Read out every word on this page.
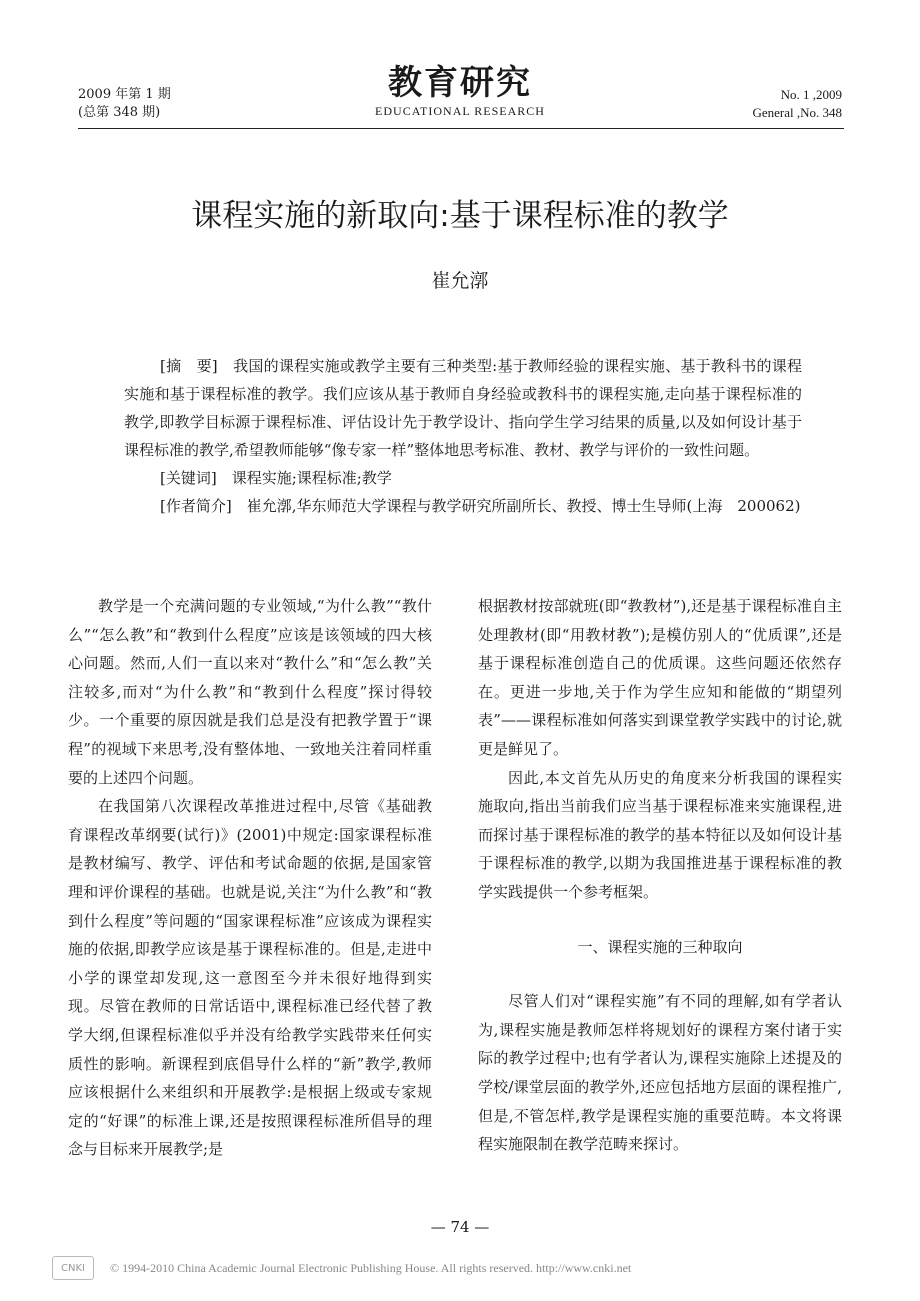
2009 年第 1 期
(总第 348 期)
教育研究
EDUCATIONAL RESEARCH
No. 1 ,2009
General ,No. 348
课程实施的新取向:基于课程标准的教学
崔允漷

[摘　要]　 我国的课程实施或教学主要有三种类型:基于教师经验的课程实施、基于教科书的课程实施和基于课程标准的教学。我们应该从基于教师自身经验或教科书的课程实施,走向基于课程标准的教学,即教学目标源于课程标准、评估设计先于教学设计、指向学生学习结果的质量,以及如何设计基于课程标准的教学,希望教师能够“像专家一样”整体地思考标准、教材、教学与评价的一致性问题。

[关键词]　 课程实施;课程标准;教学

[作者简介]　 崔允漷,华东师范大学课程与教学研究所副所长、教授、博士生导师(上海　200062)

教学是一个充满问题的专业领域,“为什么教”“教什么”“怎么教”和“教到什么程度”应该是该领域的四大核心问题。然而,人们一直以来对“教什么”和“怎么教”关注较多,而对“为什么教”和“教到什么程度”探讨得较少。一个重要的原因就是我们总是没有把教学置于“课程”的视域下来思考,没有整体地、一致地关注着同样重要的上述四个问题。

在我国第八次课程改革推进过程中,尽管《基础教育课程改革纲要(试行)》(2001)中规定:国家课程标准是教材编写、教学、评估和考试命题的依据,是国家管理和评价课程的基础。也就是说,关注“为什么教”和“教到什么程度”等问题的“国家课程标准”应该成为课程实施的依据,即教学应该是基于课程标准的。但是,走进中小学的课堂却发现,这一意图至今并未很好地得到实现。尽管在教师的日常话语中,课程标准已经代替了教学大纲,但课程标准似乎并没有给教学实践带来任何实质性的影响。新课程到底倡导什么样的“新”教学,教师应该根据什么来组织和开展教学:是根据上级或专家规定的“好课”的标准上课,还是按照课程标准所倡导的理念与目标来开展教学;是

根据教材按部就班(即“教教材”),还是基于课程标准自主处理教材(即“用教材教”);是模仿别人的“优质课”,还是基于课程标准创造自己的优质课。这些问题还依然存在。更进一步地,关于作为学生应知和能做的“期望列表”——课程标准如何落实到课堂教学实践中的讨论,就更是鲜见了。

因此,本文首先从历史的角度来分析我国的课程实施取向,指出当前我们应当基于课程标准来实施课程,进而探讨基于课程标准的教学的基本特征以及如何设计基于课程标准的教学,以期为我国推进基于课程标准的教学实践提供一个参考框架。

一、课程实施的三种取向

尽管人们对“课程实施”有不同的理解,如有学者认为,课程实施是教师怎样将规划好的课程方案付诸于实际的教学过程中;也有学者认为,课程实施除上述提及的学校/课堂层面的教学外,还应包括地方层面的课程推广,但是,不管怎样,教学是课程实施的重要范畴。本文将课程实施限制在教学范畴来探讨。

— 74 —
CNKI	© 1994-2010 China Academic Journal Electronic Publishing House. All rights reserved. http://www.cnki.net
